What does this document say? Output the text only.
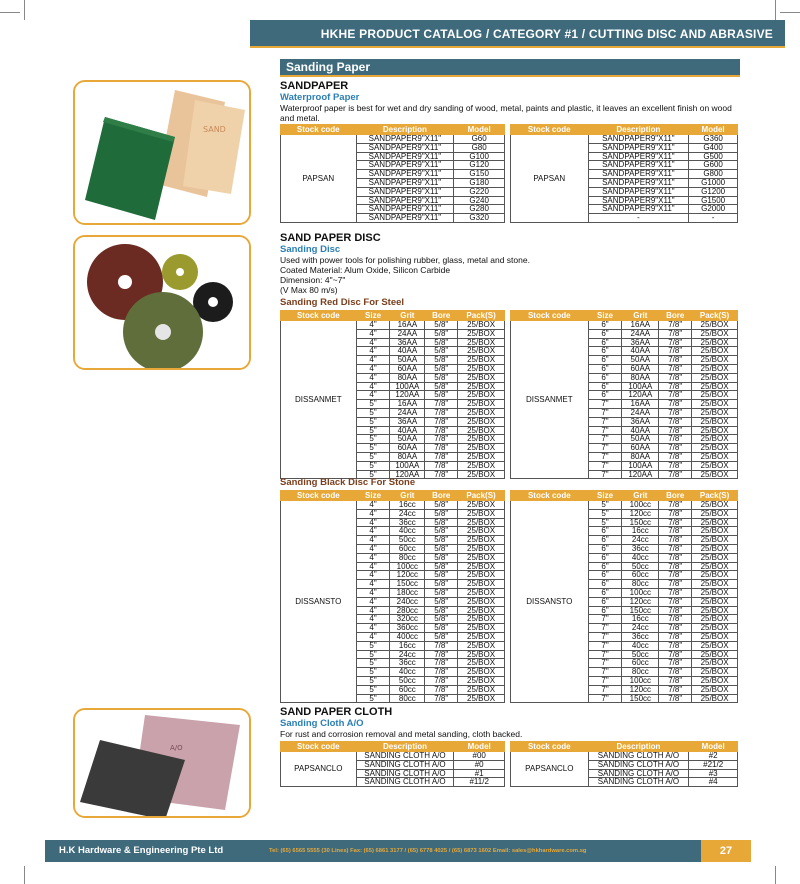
HKHE PRODUCT CATALOG / CATEGORY #1 / CUTTING DISC AND ABRASIVE
Sanding Paper
SAND
A/O
SANDPAPER
Waterproof Paper
Waterproof paper is best for wet and dry sanding of wood, metal, paints and plastic, it leaves an excellent finish on wood and metal.
Stock code	Description	Model
PAPSAN	SANDPAPER9"X11"	G60
	SANDPAPER9"X11"	G80
	SANDPAPER9"X11"	G100
	SANDPAPER9"X11"	G120
	SANDPAPER9"X11"	G150
	SANDPAPER9"X11"	G180
	SANDPAPER9"X11"	G220
	SANDPAPER9"X11"	G240
	SANDPAPER9"X11"	G280
	SANDPAPER9"X11"	G320
Stock code	Description	Model
PAPSAN	SANDPAPER9"X11"	G360
	SANDPAPER9"X11"	G400
	SANDPAPER9"X11"	G500
	SANDPAPER9"X11"	G600
	SANDPAPER9"X11"	G800
	SANDPAPER9"X11"	G1000
	SANDPAPER9"X11"	G1200
	SANDPAPER9"X11"	G1500
	SANDPAPER9"X11"	G2000
	-	-
SAND PAPER DISC
Sanding Disc
Used with power tools for polishing rubber, glass, metal and stone.
Coated Material: Alum Oxide, Silicon Carbide
Dimension: 4"~7"
(V Max 80 m/s)
Sanding Red Disc For Steel
Stock code	Size	Grit	Bore	Pack(S)
DISSANMET	4"	16AA	5/8"	25/BOX
	4"	24AA	5/8"	25/BOX
	4"	36AA	5/8"	25/BOX
	4"	40AA	5/8"	25/BOX
	4"	50AA	5/8"	25/BOX
	4"	60AA	5/8"	25/BOX
	4"	80AA	5/8"	25/BOX
	4"	100AA	5/8"	25/BOX
	4"	120AA	5/8"	25/BOX
	5"	16AA	7/8"	25/BOX
	5"	24AA	7/8"	25/BOX
	5"	36AA	7/8"	25/BOX
	5"	40AA	7/8"	25/BOX
	5"	50AA	7/8"	25/BOX
	5"	60AA	7/8"	25/BOX
	5"	80AA	7/8"	25/BOX
	5"	100AA	7/8"	25/BOX
	5"	120AA	7/8"	25/BOX
Stock code	Size	Grit	Bore	Pack(S)
DISSANMET	6"	16AA	7/8"	25/BOX
	6"	24AA	7/8"	25/BOX
	6"	36AA	7/8"	25/BOX
	6"	40AA	7/8"	25/BOX
	6"	50AA	7/8"	25/BOX
	6"	60AA	7/8"	25/BOX
	6"	80AA	7/8"	25/BOX
	6"	100AA	7/8"	25/BOX
	6"	120AA	7/8"	25/BOX
	7"	16AA	7/8"	25/BOX
	7"	24AA	7/8"	25/BOX
	7"	36AA	7/8"	25/BOX
	7"	40AA	7/8"	25/BOX
	7"	50AA	7/8"	25/BOX
	7"	60AA	7/8"	25/BOX
	7"	80AA	7/8"	25/BOX
	7"	100AA	7/8"	25/BOX
	7"	120AA	7/8"	25/BOX
Sanding Black Disc For Stone
Stock code	Size	Grit	Bore	Pack(S)
DISSANSTO	4"	16cc	5/8"	25/BOX
	4"	24cc	5/8"	25/BOX
	4"	36cc	5/8"	25/BOX
	4"	40cc	5/8"	25/BOX
	4"	50cc	5/8"	25/BOX
	4"	60cc	5/8"	25/BOX
	4"	80cc	5/8"	25/BOX
	4"	100cc	5/8"	25/BOX
	4"	120cc	5/8"	25/BOX
	4"	150cc	5/8"	25/BOX
	4"	180cc	5/8"	25/BOX
	4"	240cc	5/8"	25/BOX
	4"	280cc	5/8"	25/BOX
	4"	320cc	5/8"	25/BOX
	4"	360cc	5/8"	25/BOX
	4"	400cc	5/8"	25/BOX
	5"	16cc	7/8"	25/BOX
	5"	24cc	7/8"	25/BOX
	5"	36cc	7/8"	25/BOX
	5"	40cc	7/8"	25/BOX
	5"	50cc	7/8"	25/BOX
	5"	60cc	7/8"	25/BOX
	5"	80cc	7/8"	25/BOX
Stock code	Size	Grit	Bore	Pack(S)
DISSANSTO	5"	100cc	7/8"	25/BOX
	5"	120cc	7/8"	25/BOX
	5"	150cc	7/8"	25/BOX
	6"	16cc	7/8"	25/BOX
	6"	24cc	7/8"	25/BOX
	6"	36cc	7/8"	25/BOX
	6"	40cc	7/8"	25/BOX
	6"	50cc	7/8"	25/BOX
	6"	60cc	7/8"	25/BOX
	6"	80cc	7/8"	25/BOX
	6"	100cc	7/8"	25/BOX
	6"	120cc	7/8"	25/BOX
	6"	150cc	7/8"	25/BOX
	7"	16cc	7/8"	25/BOX
	7"	24cc	7/8"	25/BOX
	7"	36cc	7/8"	25/BOX
	7"	40cc	7/8"	25/BOX
	7"	50cc	7/8"	25/BOX
	7"	60cc	7/8"	25/BOX
	7"	80cc	7/8"	25/BOX
	7"	100cc	7/8"	25/BOX
	7"	120cc	7/8"	25/BOX
	7"	150cc	7/8"	25/BOX
SAND PAPER CLOTH
Sanding Cloth A/O
For rust and corrosion removal and metal sanding, cloth backed.
Stock code	Description	Model
PAPSANCLO	SANDING CLOTH A/O	#00
	SANDING CLOTH A/O	#0
	SANDING CLOTH A/O	#1
	SANDING CLOTH A/O	#11/2
Stock code	Description	Model
PAPSANCLO	SANDING CLOTH A/O	#2
	SANDING CLOTH A/O	#21/2
	SANDING CLOTH A/O	#3
	SANDING CLOTH A/O	#4
H.K Hardware & Engineering Pte Ltd	Tel: (65) 6565 5555 (30 Lines) Fax: (65) 6861 3177 / (65) 6778 4025 / (65) 6873 1602 Email: sales@hkhardware.com.sg	27
